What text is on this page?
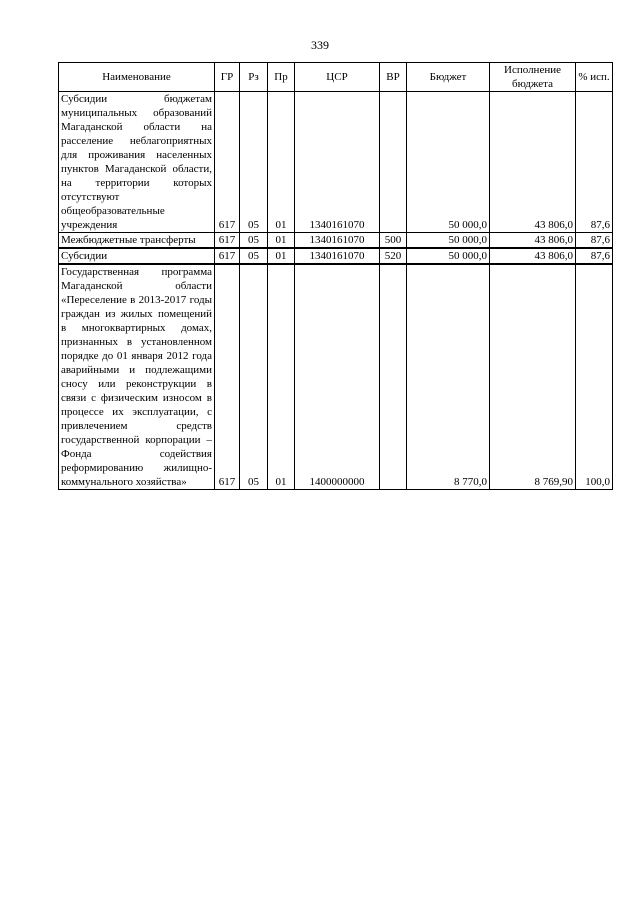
339
Наименование	ГР	Рз	Пр	ЦСР	ВР	Бюджет	Исполнение бюджета	% исп.
Субсидии бюджетам муниципальных образований Магаданской области на расселение неблагоприятных для проживания населенных пунктов Магаданской области, на территории которых отсутствуют общеобразовательные учреждения	617	05	01	1340161070		50 000,0	43 806,0	87,6
Межбюджетные трансферты	617	05	01	1340161070	500	50 000,0	43 806,0	87,6
Субсидии	617	05	01	1340161070	520	50 000,0	43 806,0	87,6
Государственная программа Магаданской области «Переселение в 2013-2017 годы граждан из жилых помещений в многоквартирных домах, признанных в установленном порядке до 01 января 2012 года аварийными и подлежащими сносу или реконструкции в связи с физическим износом в процессе их эксплуатации, с привлечением средств государственной корпорации – Фонда содействия реформированию жилищно-коммунального хозяйства»	617	05	01	1400000000		8 770,0	8 769,90	100,0
